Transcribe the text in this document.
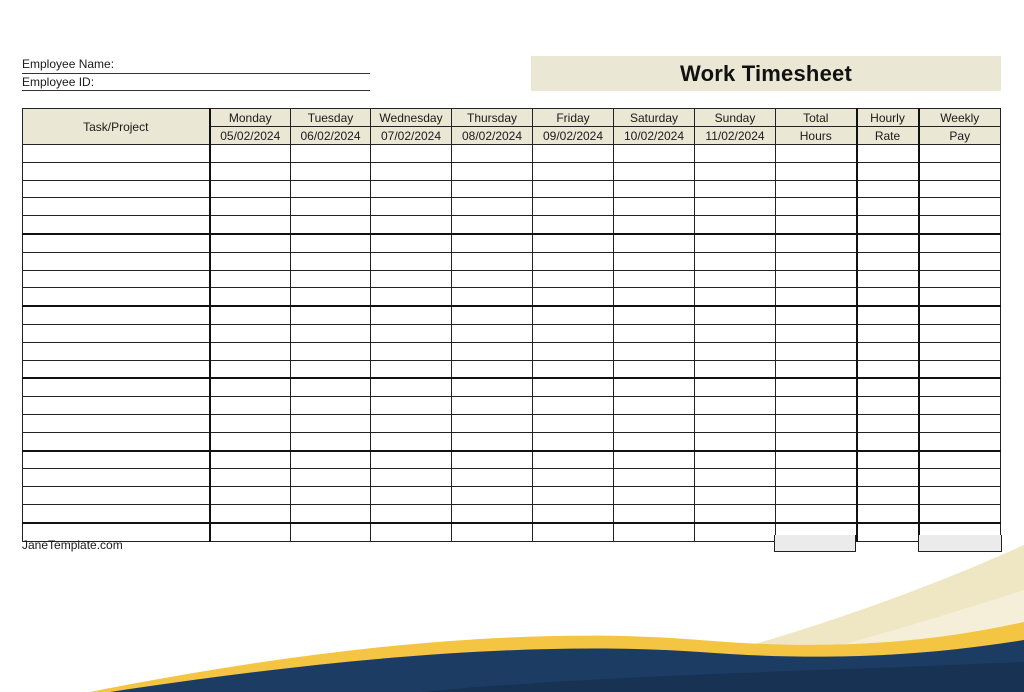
Employee Name:
Employee ID:	Work Timesheet
Task/Project	Monday	Tuesday	Wednesday	Thursday	Friday	Saturday	Sunday	Total	Hourly	Weekly
	05/02/2024	06/02/2024	07/02/2024	08/02/2024	09/02/2024	10/02/2024	11/02/2024	Hours	Rate	Pay

JaneTemplate.com
